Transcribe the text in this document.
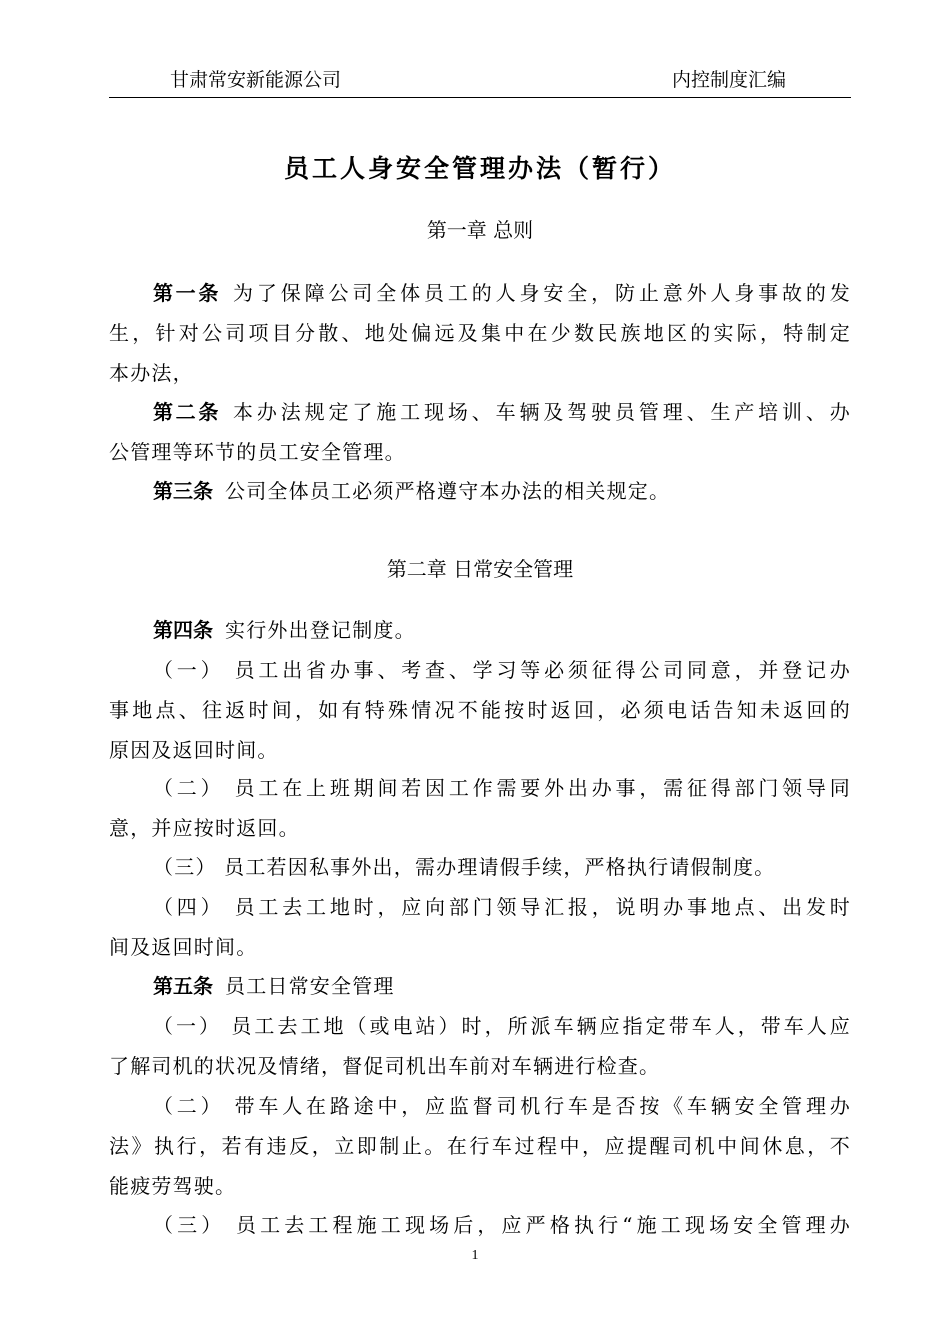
甘肃常安新能源公司	内控制度汇编
员工人身安全管理办法（暂行）
第一章 总则
第一条 为了保障公司全体员工的人身安全，防止意外人身事故的发
生，针对公司项目分散、地处偏远及集中在少数民族地区的实际，特制定
本办法，
第二条 本办法规定了施工现场、车辆及驾驶员管理、生产培训、办
公管理等环节的员工安全管理。
第三条 公司全体员工必须严格遵守本办法的相关规定。
第二章 日常安全管理
第四条 实行外出登记制度。
（一） 员工出省办事、考查、学习等必须征得公司同意，并登记办
事地点、往返时间，如有特殊情况不能按时返回，必须电话告知未返回的
原因及返回时间。
（二） 员工在上班期间若因工作需要外出办事，需征得部门领导同
意，并应按时返回。
（三） 员工若因私事外出，需办理请假手续，严格执行请假制度。
（四） 员工去工地时，应向部门领导汇报，说明办事地点、出发时
间及返回时间。
第五条 员工日常安全管理
（一） 员工去工地（或电站）时，所派车辆应指定带车人，带车人应
了解司机的状况及情绪，督促司机出车前对车辆进行检查。
（二） 带车人在路途中，应监督司机行车是否按《车辆安全管理办
法》执行，若有违反，立即制止。在行车过程中，应提醒司机中间休息，不
能疲劳驾驶。
（三） 员工去工程施工现场后，应严格执行“施工现场安全管理办
1
